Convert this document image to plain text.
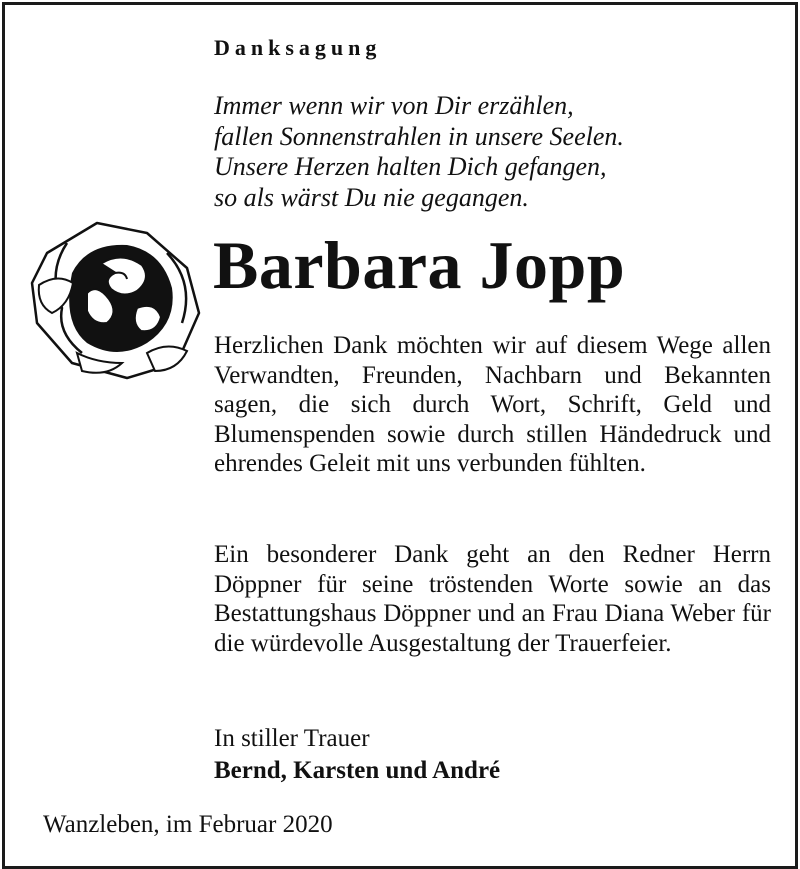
Danksagung
Immer wenn wir von Dir erzählen,
fallen Sonnenstrahlen in unsere Seelen.
Unsere Herzen halten Dich gefangen,
so als wärst Du nie gegangen.
Barbara Jopp
Herzlichen Dank möchten wir auf diesem Wege allen Verwandten, Freunden, Nachbarn und Bekannten sagen, die sich durch Wort, Schrift, Geld und Blumenspenden sowie durch stillen Händedruck und ehrendes Geleit mit uns verbunden fühlten.
Ein besonderer Dank geht an den Redner Herrn Döppner für seine tröstenden Worte sowie an das Bestattungshaus Döppner und an Frau Diana Weber für die würdevolle Ausgestaltung der Trauerfeier.
In stiller Trauer
Bernd, Karsten und André
Wanzleben, im Februar 2020
